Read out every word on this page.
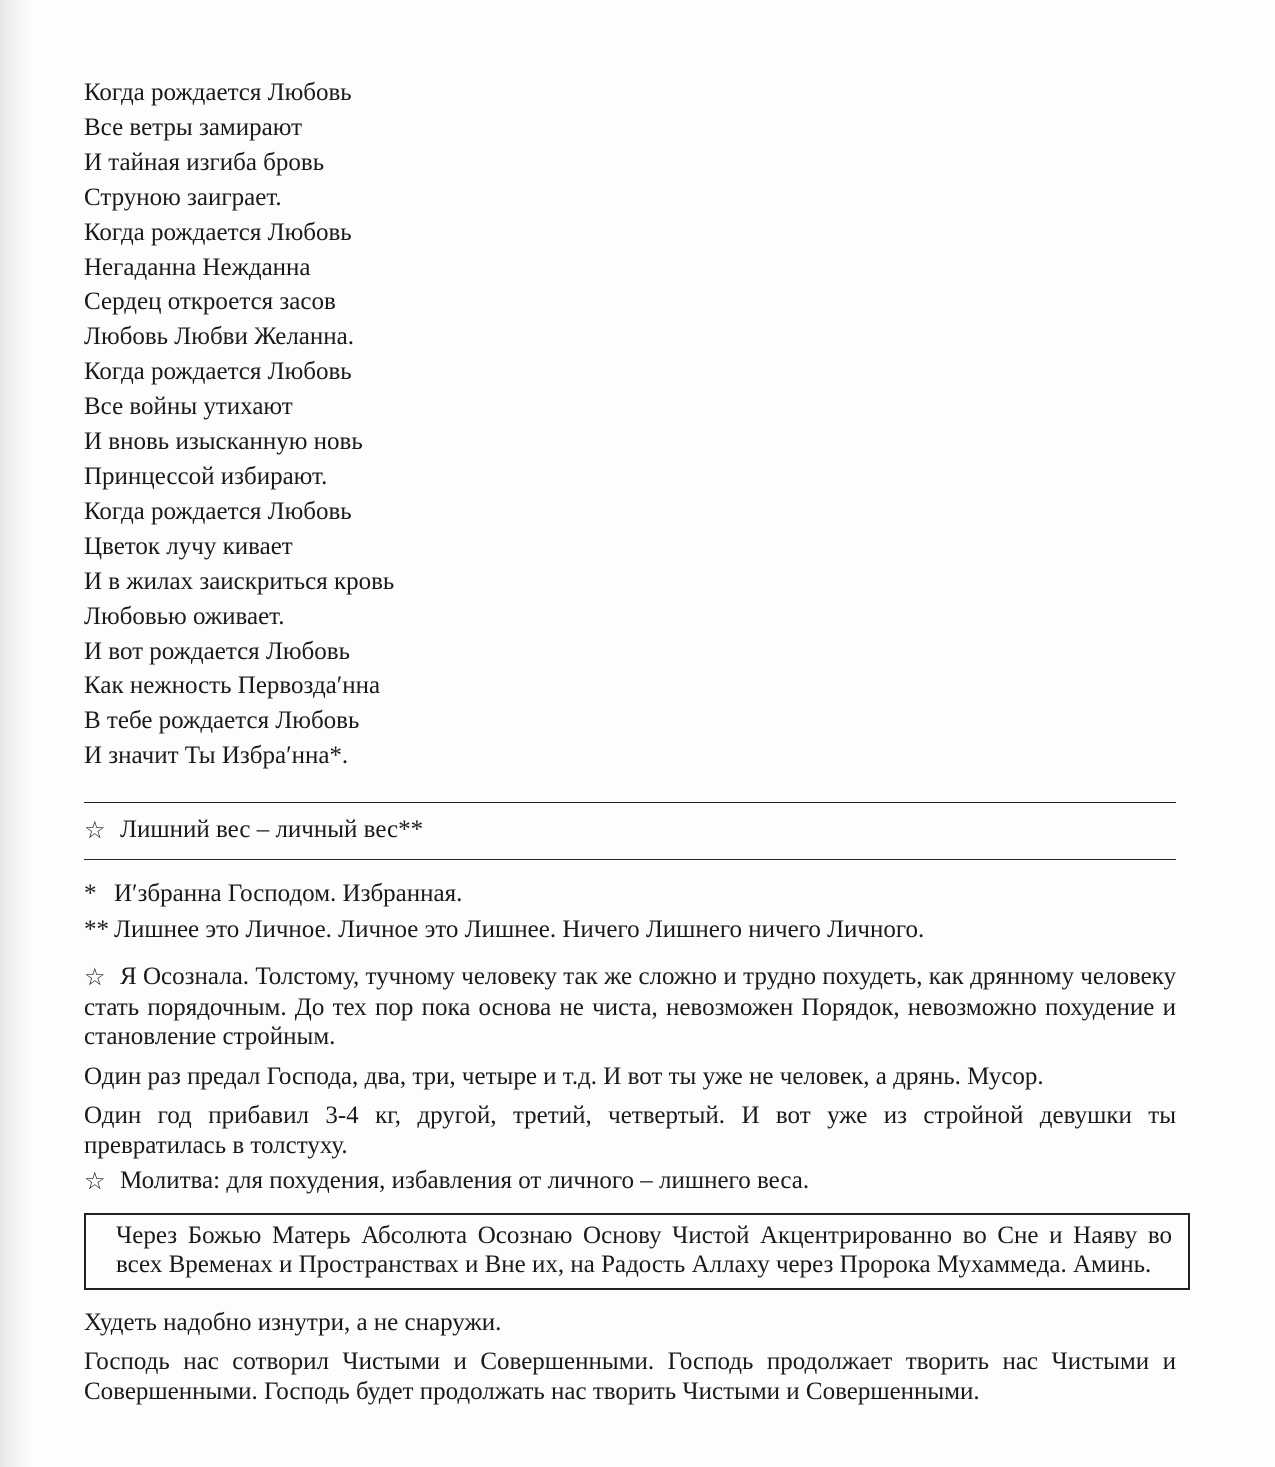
Когда рождается Любовь
Все ветры замирают
И тайная изгиба бровь
Струною заиграет.
Когда рождается Любовь
Негаданна Нежданна
Сердец откроется засов
Любовь Любви Желанна.
Когда рождается Любовь
Все войны утихают
И вновь изысканную новь
Принцессой избирают.
Когда рождается Любовь
Цветок лучу кивает
И в жилах заискриться кровь
Любовью оживает.
И вот рождается Любовь
Как нежность Первозда′нна
В тебе рождается Любовь
И значит Ты Избра′нна*.
☆ Лишний вес – личный вес**
* И′збранна Господом. Избранная.
** Лишнее это Личное. Личное это Лишнее. Ничего Лишнего ничего Личного.

☆ Я Осознала. Толстому, тучному человеку так же сложно и трудно похудеть, как дрянному человеку стать порядочным. До тех пор пока основа не чиста, невозможен Порядок, невозможно похудение и становление стройным.

Один раз предал Господа, два, три, четыре и т.д. И вот ты уже не человек, а дрянь. Мусор.

Один год прибавил 3-4 кг, другой, третий, четвертый. И вот уже из стройной девушки ты превратилась в толстуху.

☆ Молитва: для похудения, избавления от личного – лишнего веса.

Через Божью Матерь Абсолюта Осознаю Основу Чистой Акцентрированно во Сне и Наяву во всех Временах и Пространствах и Вне их, на Радость Аллаху через Пророка Мухаммеда. Аминь.

Худеть надобно изнутри, а не снаружи.

Господь нас сотворил Чистыми и Совершенными. Господь продолжает творить нас Чистыми и Совершенными. Господь будет продолжать нас творить Чистыми и Совершенными.
